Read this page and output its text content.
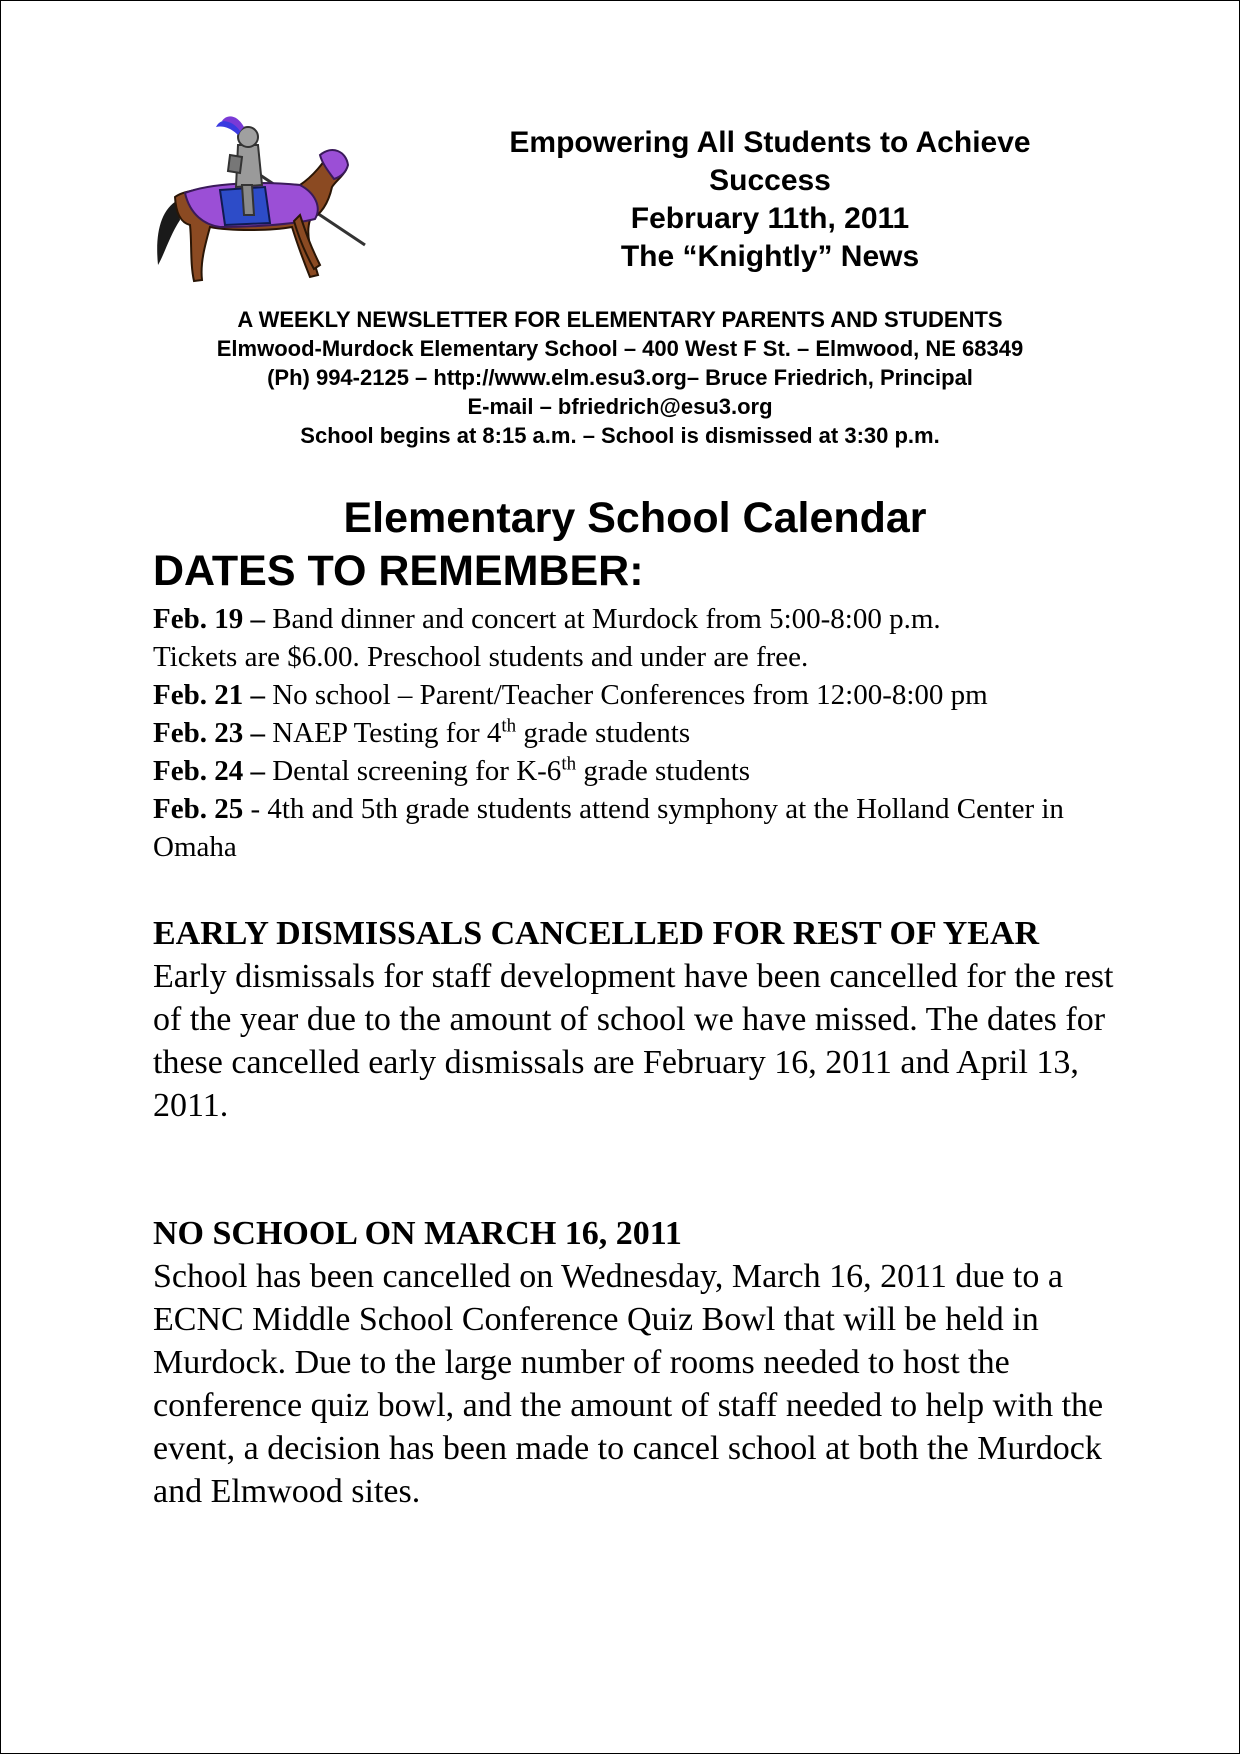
Empowering All Students to Achieve
Success
February 11th, 2011
The “Knightly” News
A WEEKLY NEWSLETTER FOR ELEMENTARY PARENTS AND STUDENTS
Elmwood-Murdock Elementary School – 400 West F St. – Elmwood, NE 68349
(Ph) 994-2125 – http://www.elm.esu3.org– Bruce Friedrich, Principal
E-mail – bfriedrich@esu3.org
School begins at 8:15 a.m. – School is dismissed at 3:30 p.m.
Elementary School Calendar
DATES TO REMEMBER:

Feb. 19 – Band dinner and concert at Murdock from 5:00-8:00 p.m.
Tickets are $6.00. Preschool students and under are free.

Feb. 21 – No school – Parent/Teacher Conferences from 12:00-8:00 pm

Feb. 23 – NAEP Testing for 4th grade students

Feb. 24 – Dental screening for K-6th grade students

Feb. 25 - 4th and 5th grade students attend symphony at the Holland Center in Omaha

EARLY DISMISSALS CANCELLED FOR REST OF YEAR

Early dismissals for staff development have been cancelled for the rest of the year due to the amount of school we have missed. The dates for these cancelled early dismissals are February 16, 2011 and April 13, 2011.

NO SCHOOL ON MARCH 16, 2011

School has been cancelled on Wednesday, March 16, 2011 due to a ECNC Middle School Conference Quiz Bowl that will be held in Murdock. Due to the large number of rooms needed to host the conference quiz bowl, and the amount of staff needed to help with the event, a decision has been made to cancel school at both the Murdock and Elmwood sites.
